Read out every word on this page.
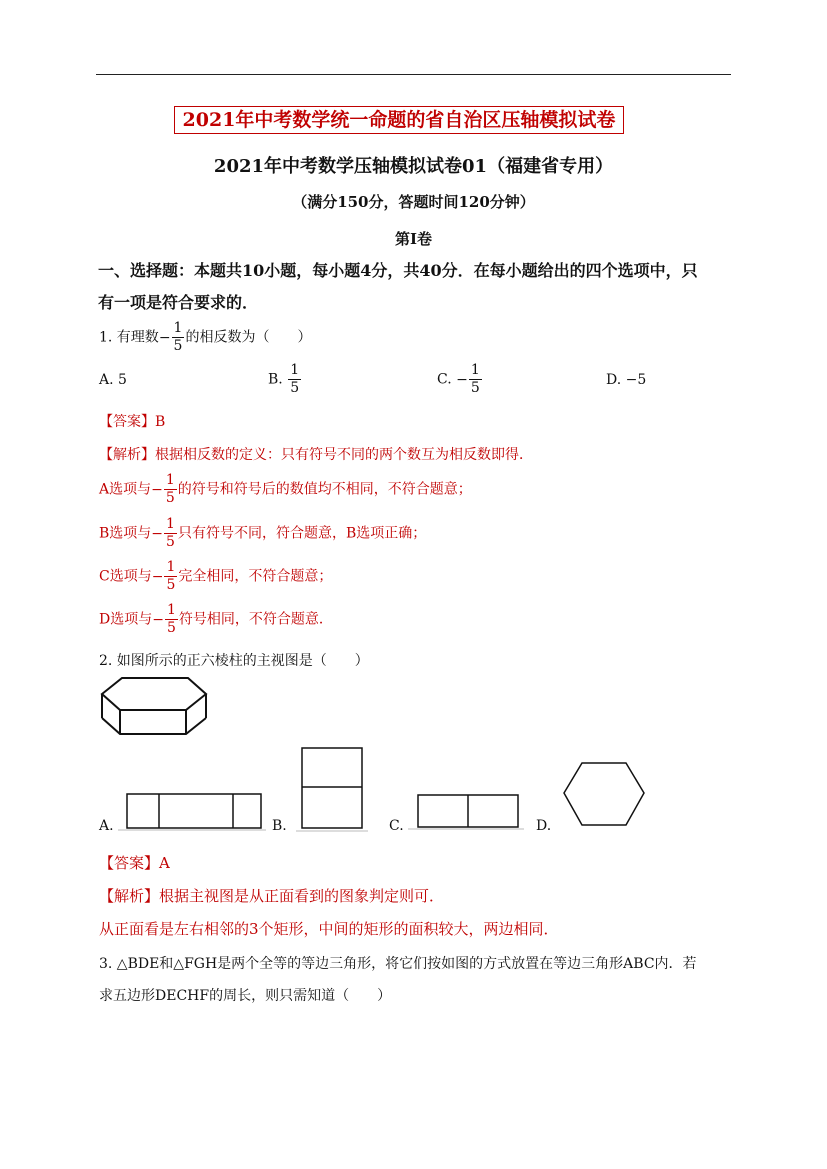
2021年中考数学统一命题的省自治区压轴模拟试卷
2021年中考数学压轴模拟试卷01（福建省专用）
（满分150分，答题时间120分钟）
第Ⅰ卷
一、选择题：本题共10小题，每小题4分，共40分．在每小题给出的四个选项中，只
有一项是符合要求的．
1. 有理数− $\frac{1}{5}$ 的相反数为（　　）
A. 5	B. $\frac{1}{5}$	C. − $\frac{1}{5}$	D. −5
【答案】B
【解析】根据相反数的定义：只有符号不同的两个数互为相反数即得．
A选项与− $\frac{1}{5}$ 的符号和符号后的数值均不相同，不符合题意；
B选项与− $\frac{1}{5}$ 只有符号不同，符合题意，B选项正确；
C选项与− $\frac{1}{5}$ 完全相同，不符合题意；
D选项与− $\frac{1}{5}$ 符号相同，不符合题意．
2. 如图所示的正六棱柱的主视图是（　　）
A.	B.	C.	D.
【答案】A
【解析】根据主视图是从正面看到的图象判定则可．
从正面看是左右相邻的3个矩形，中间的矩形的面积较大，两边相同．
3. △BDE和△FGH是两个全等的等边三角形，将它们按如图的方式放置在等边三角形ABC内．若
求五边形DECHF的周长，则只需知道（　　）
